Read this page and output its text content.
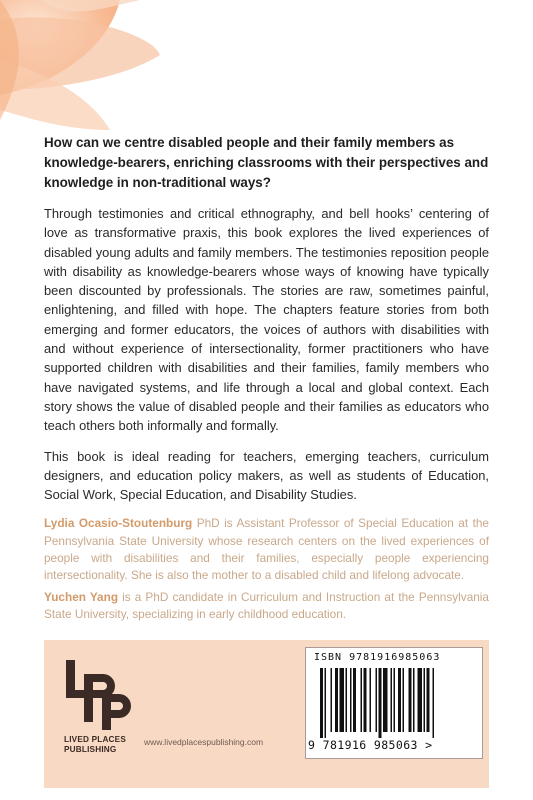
How can we centre disabled people and their family members as knowledge-bearers, enriching classrooms with their perspectives and knowledge in non-traditional ways?

Through testimonies and critical ethnography, and bell hooks’ centering of love as transformative praxis, this book explores the lived experiences of disabled young adults and family members. The testimonies reposition people with disability as knowledge-bearers whose ways of knowing have typically been discounted by professionals. The stories are raw, sometimes painful, enlightening, and filled with hope. The chapters feature stories from both emerging and former educators, the voices of authors with disabilities with and without experience of intersectionality, former practitioners who have supported children with disabilities and their families, family members who have navigated systems, and life through a local and global context. Each story shows the value of disabled people and their families as educators who teach others both informally and formally.

This book is ideal reading for teachers, emerging teachers, curriculum designers, and education policy makers, as well as students of Education, Social Work, Special Education, and Disability Studies.

Lydia Ocasio-Stoutenburg PhD is Assistant Professor of Special Education at the Pennsylvania State University whose research centers on the lived experiences of people with disabilities and their families, especially people experiencing intersectionality. She is also the mother to a disabled child and lifelong advocate.

Yuchen Yang is a PhD candidate in Curriculum and Instruction at the Pennsylvania State University, specializing in early childhood education.

LIVED PLACES
PUBLISHING
www.livedplacespublishing.com
ISBN 9781916985063
9 781916 985063 >
